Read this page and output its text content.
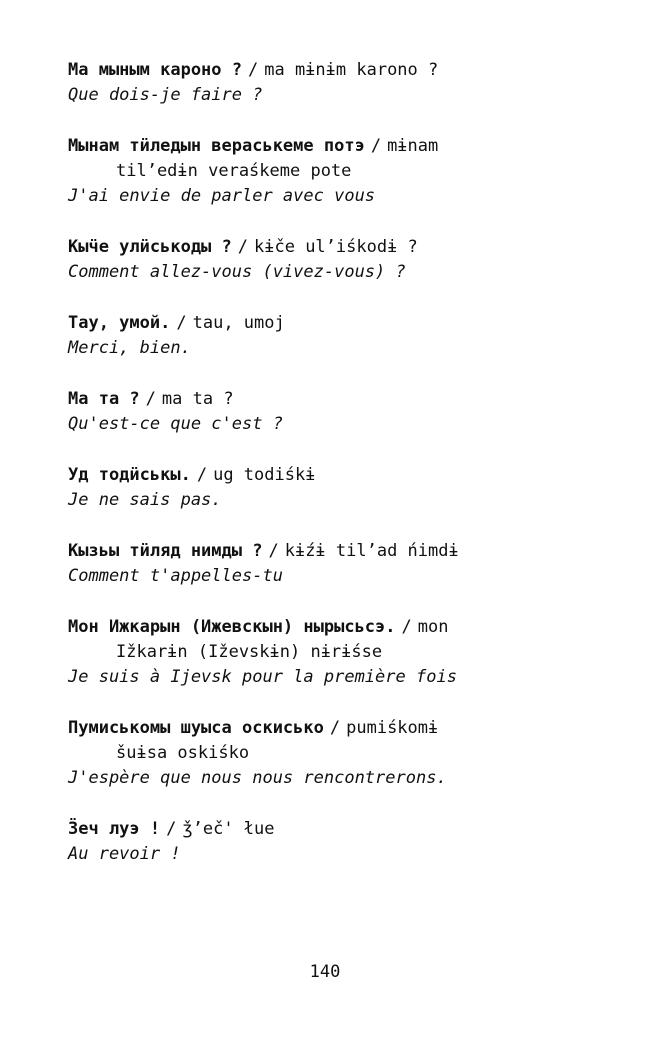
Ма мыным кароно ? / ma mɨnɨm karono ?
Que dois-je faire ?
Мынам тӥледын вераськеме потэ / mɨnam
til’edɨn veraśkeme pote
J'ai envie de parler avec vous
Кыӵе улӥськоды ? / kɨče ul’iśkodɨ ?
Comment allez-vous (vivez-vous) ?
Тау, умой. / tau, umoj
Merci, bien.
Ма та ? / ma ta ?
Qu'est-ce que c'est ?
Уд тодӥськы. / ug todiśkɨ
Je ne sais pas.
Кызьы тӥляд нимды ? / kɨźɨ til’ad ńimdɨ
Comment t'appelles-tu
Мон Ижкарын (Ижевскын) нырысьсэ. / mon
Ižkarɨn (Iževskɨn) nɨrɨśse
Je suis à Ijevsk pour la première fois
Пумиськомы шуыса оскисько / pumiśkomɨ
šuɨsa oskiśko
J'espère que nous nous rencontrerons.
Ӟеч луэ ! / ǯ’eč' łue
Au revoir !
140
